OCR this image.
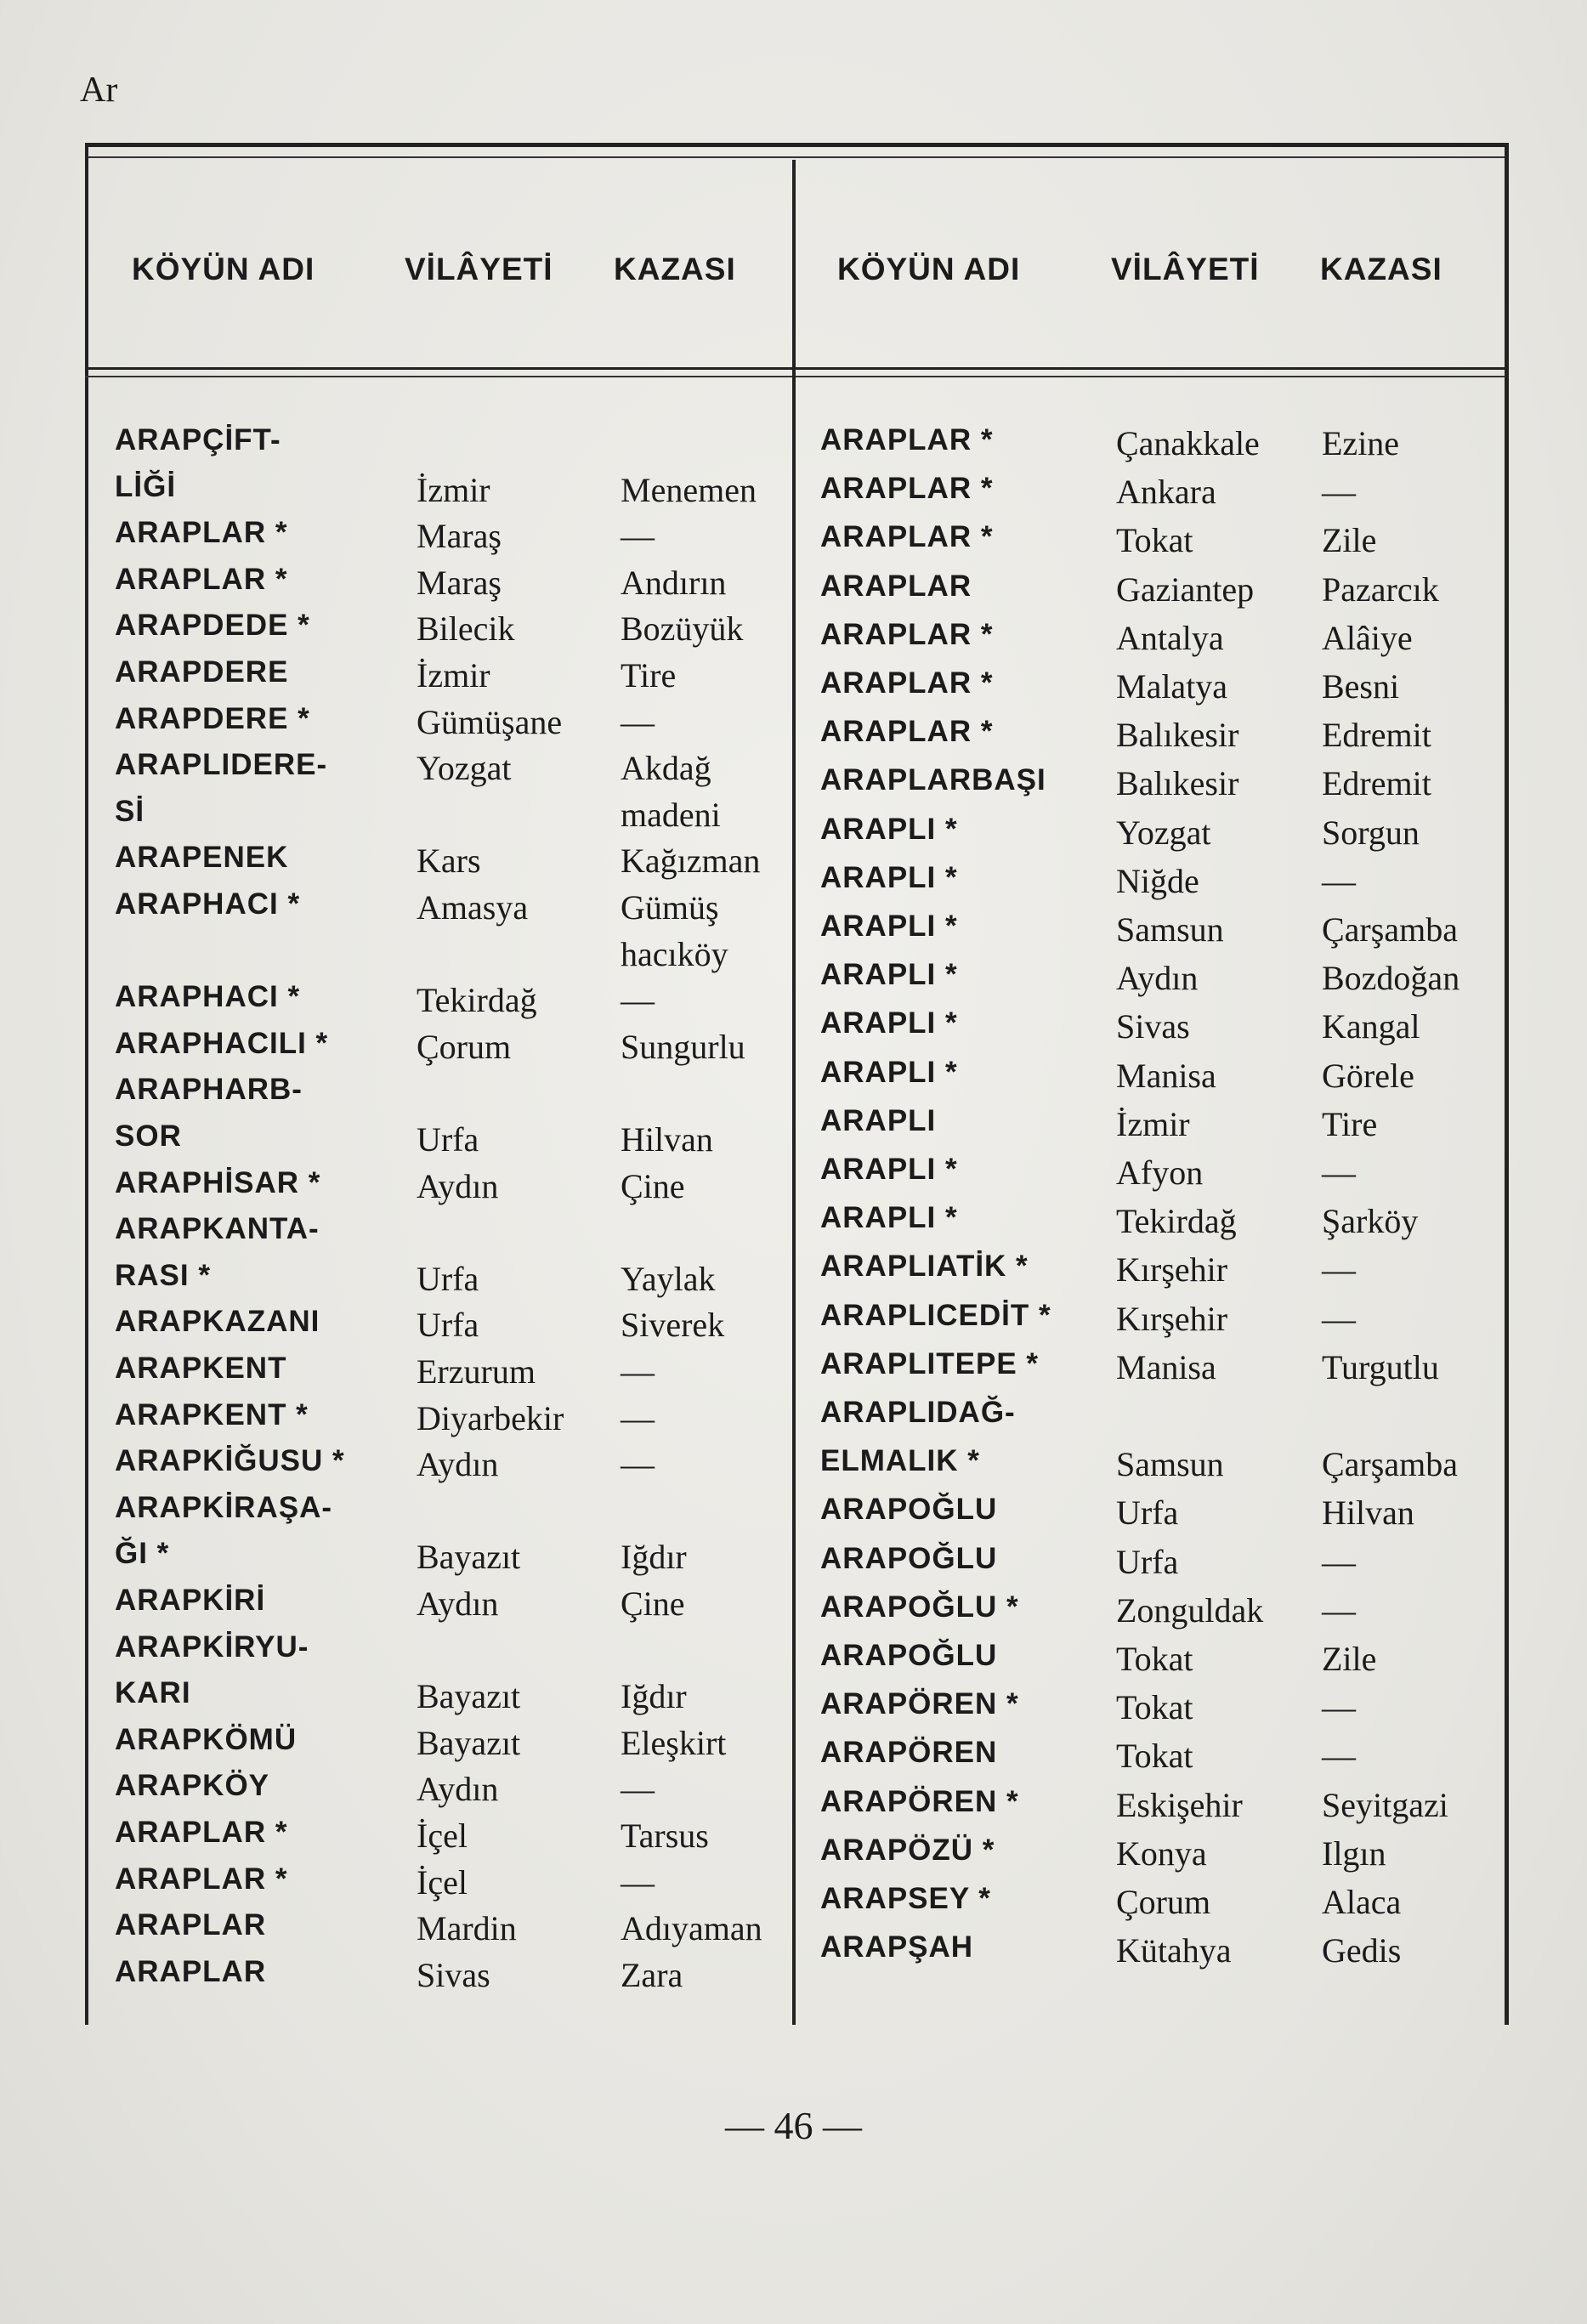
Ar
KÖYÜN ADI	VİLÂYETİ KAZASI	KÖYÜN ADI	VİLÂYETİ KAZASI
ARAPÇİFT-
LİĞİ	İzmir	Menemen
ARAPLAR *	Maraş	—
ARAPLAR *	Maraş	Andırın
ARAPDEDE *	Bilecik	Bozüyük
ARAPDERE	İzmir	Tire
ARAPDERE *	Gümüşane —
ARAPLIDERE-	Yozgat	Akdağ
Sİ	madeni
ARAPENEK	Kars	Kağızman
ARAPHACI *	Amasya	Gümüş
hacıköy
ARAPHACI *	Tekirdağ —
ARAPHACILI *	Çorum	Sungurlu
ARAPHARB-
SOR	Urfa	Hilvan
ARAPHİSAR *	Aydın	Çine
ARAPKANTA-
RASI *	Urfa	Yaylak
ARAPKAZANI	Urfa	Siverek
ARAPKENT	Erzurum	—
ARAPKENT *	Diyarbekir —
ARAPKİĞUSU * Aydın	—
ARAPKİRAŞA-
ĞI *	Bayazıt	Iğdır
ARAPKİRİ	Aydın	Çine
ARAPKİRYU-
KARI	Bayazıt	Iğdır
ARAPKÖMÜ	Bayazıt	Eleşkirt
ARAPKÖY	Aydın	—
ARAPLAR *	İçel	Tarsus
ARAPLAR *	İçel	—
ARAPLAR	Mardin	Adıyaman
ARAPLAR	Sivas	Zara
ARAPLAR *	Çanakkale Ezine
ARAPLAR *	Ankara	—
ARAPLAR *	Tokat	Zile
ARAPLAR	Gaziantep Pazarcık
ARAPLAR *	Antalya	Alâiye
ARAPLAR *	Malatya	Besni
ARAPLAR *	Balıkesir Edremit
ARAPLARBAŞI Balıkesir Edremit
ARAPLI *	Yozgat	Sorgun
ARAPLI *	Niğde	—
ARAPLI *	Samsun	Çarşamba
ARAPLI *	Aydın	Bozdoğan
ARAPLI *	Sivas	Kangal
ARAPLI *	Manisa	Görele
ARAPLI	İzmir	Tire
ARAPLI *	Afyon	—
ARAPLI *	Tekirdağ	Şarköy
ARAPLIATİK *	Kırşehir	—
ARAPLICEDİT * Kırşehir	—
ARAPLITEPE * Manisa	Turgutlu
ARAPLIDAĞ-
ELMALIK *	Samsun	Çarşamba
ARAPOĞLU	Urfa	Hilvan
ARAPOĞLU	Urfa	—
ARAPOĞLU *	Zonguldak —
ARAPOĞLU	Tokat	Zile
ARAPÖREN *	Tokat	—
ARAPÖREN	Tokat	—
ARAPÖREN *	Eskişehir Seyitgazi
ARAPÖZÜ *	Konya	Ilgın
ARAPSEY *	Çorum	Alaca
ARAPŞAH	Kütahya	Gedis
— 46 —
